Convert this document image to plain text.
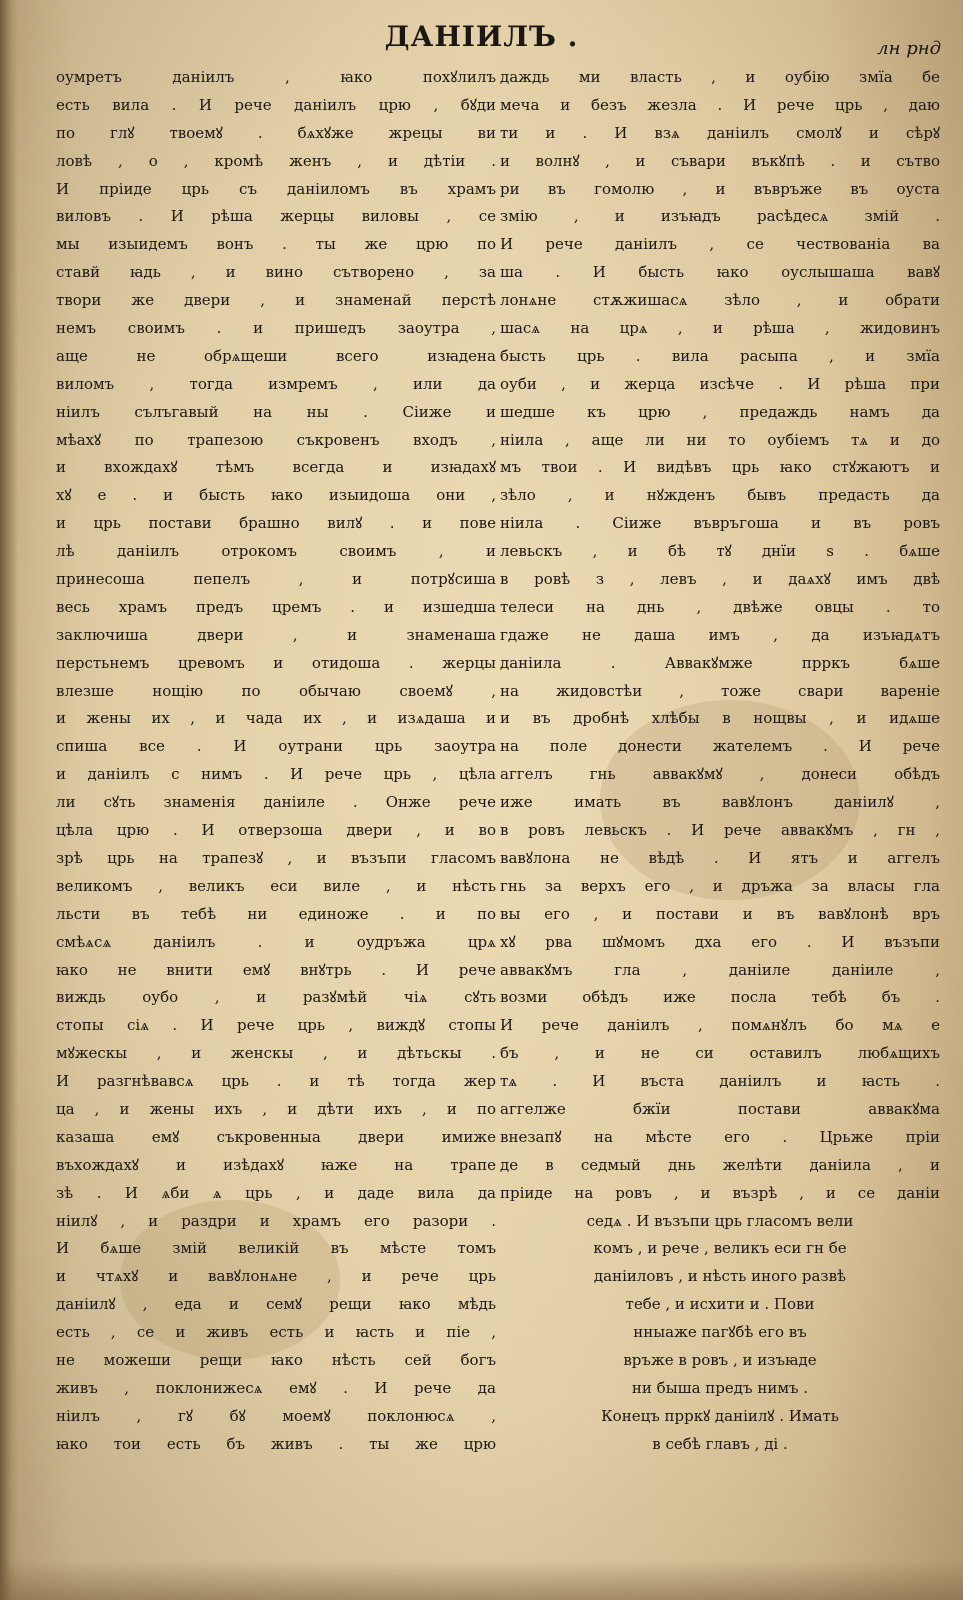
ДАНІИЛЪ .	лн рнд
оумретъ даніилъ , ꙗко похꙋлилъ
есть вила . И рече даніилъ црю , бꙋди
по глꙋ твоемꙋ . бѧхꙋже жрецы ви
ловѣ , о , кромѣ женъ , и дѣтіи .
И пріиде црь съ даніиломъ въ храмъ
виловъ . И рѣша жерцы виловы , се
мы изыидемъ вонъ . ты же црю по
ставй ꙗдь , и вино сътворено , за
твори же двери , и знаменай перстѣ
немъ своимъ . и пришедъ заоутра ,
аще не обрѧщеши всего изꙗдена
виломъ , тогда измремъ , или да
ніилъ сълъгавый на ны . Сіиже и
мѣахꙋ по трапезою съкровенъ входъ ,
и вхождахꙋ тѣмъ всегда и изꙗдахꙋ
хꙋ е . и бысть ꙗко изыидоша они ,
и црь постави брашно вилꙋ . и пове
лѣ даніилъ отрокомъ своимъ , и
принесоша пепелъ , и потрꙋсиша
весь храмъ предъ цремъ . и изшедша
заключиша двери , и знаменаша
перстьнемъ цревомъ и отидоша . жерцы
влезше нощію по обычаю своемꙋ ,
и жены их , и чада их , и изѧдаша и
спиша все . И оутрани црь заоутра
и даніилъ с нимъ . И рече црь , цѣла
ли сꙋть знаменія даніиле . Онже рече
цѣла црю . И отверзоша двери , и во
зрѣ црь на трапезꙋ , и възъпи гласомъ
великомъ , великъ еси виле , и нѣсть
льсти въ тебѣ ни единоже . и по
смѣѧсѧ даніилъ . и оудръжа црѧ
ꙗко не внити емꙋ внꙋтрь . И рече
виждь оубо , и разꙋмѣй чіѧ сꙋть
стопы сіѧ . И рече црь , виждꙋ стопы
мꙋжескы , и женскы , и дѣтьскы .
И разгнѣвавсѧ црь . и тѣ тогда жер
ца , и жены ихъ , и дѣти ихъ , и по
казаша емꙋ съкровенныа двери имиже
въхождахꙋ и изѣдахꙋ ꙗже на трапе
зѣ . И ѧби ѧ црь , и даде вила да
ніилꙋ , и раздри и храмъ его разори .
И бѧше змій великій въ мѣсте томъ
и чтѧхꙋ и вавꙋлонѧне , и рече црь
даніилꙋ , еда и семꙋ рещи ꙗко мѣдь
есть , се и живъ есть и ꙗсть и піе ,
не можеши рещи ꙗко нѣсть сей богъ
живъ , поклонижесѧ емꙋ . И рече да
ніилъ , гꙋ бꙋ моемꙋ поклонюсѧ ,
ꙗко тои есть бъ живъ . ты же црю
даждь ми власть , и оубію змїа бе
меча и безъ жезла . И рече црь , даю
ти и . И взѧ даніилъ смолꙋ и сѣрꙋ
и волнꙋ , и съвари въкꙋпѣ . и сътво
ри въ гомолю , и въвръже въ оуста
змію , и изъꙗдъ расѣдесѧ змій .
И рече даніилъ , се чествованіа ва
ша . И бысть ꙗко оуслышаша вавꙋ
лонѧне стѫжишасѧ зѣло , и обрати
шасѧ на црѧ , и рѣша , жидовинъ
бысть црь . вила расыпа , и змїа
оуби , и жерца изсѣче . И рѣша при
шедше къ црю , предаждь намъ да
ніила , аще ли ни то оубіемъ тѧ и до
мъ твои . И видѣвъ црь ꙗко стꙋжаютъ и
зѣло , и нꙋжденъ бывъ предасть да
ніила . Сіиже въвръгоша и въ ровъ
левьскъ , и бѣ тꙋ днїи s . бѧше
в ровѣ з , левъ , и даѧхꙋ имъ двѣ
телеси на днь , двѣже овцы . то
гдаже не даша имъ , да изъꙗдѧтъ
даніила . Аввакꙋмже прркъ бѧше
на жидовстѣи , тоже свари вареніе
и въ дробнѣ хлѣбы в нощвы , и идѧше
на поле донести жателемъ . И рече
аггелъ гнь аввакꙋмꙋ , донеси обѣдъ
иже имать въ вавꙋлонъ даніилꙋ ,
в ровъ левьскъ . И рече аввакꙋмъ , гн ,
вавꙋлона не вѣдѣ . И ятъ и аггелъ
гнь за верхъ его , и дръжа за власы гла
вы его , и постави и въ вавꙋлонѣ връ
хꙋ рва шꙋмомъ дха его . И възъпи
аввакꙋмъ гла , даніиле даніиле ,
возми обѣдъ иже посла тебѣ бъ .
И рече даніилъ , помѧнꙋлъ бо мѧ е
бъ , и не си оставилъ любѧщихъ
тѧ . И въста даніилъ и ꙗсть .
аггелже бжїи постави аввакꙋма
внезапꙋ на мѣсте его . Црьже пріи
де в седмый днь желѣти даніила , и
пріиде на ровъ , и възрѣ , и се даніи
седѧ . И възъпи црь гласомъ вели
комъ , и рече , великъ еси гн бе
даніиловъ , и нѣсть иного развѣ
тебе , и исхити и . Пови
нныаже пагꙋбѣ его въ
връже в ровъ , и изъꙗде
ни быша предъ нимъ .
Конецъ прркꙋ даніилꙋ . Имать
в себѣ главъ , ді .
